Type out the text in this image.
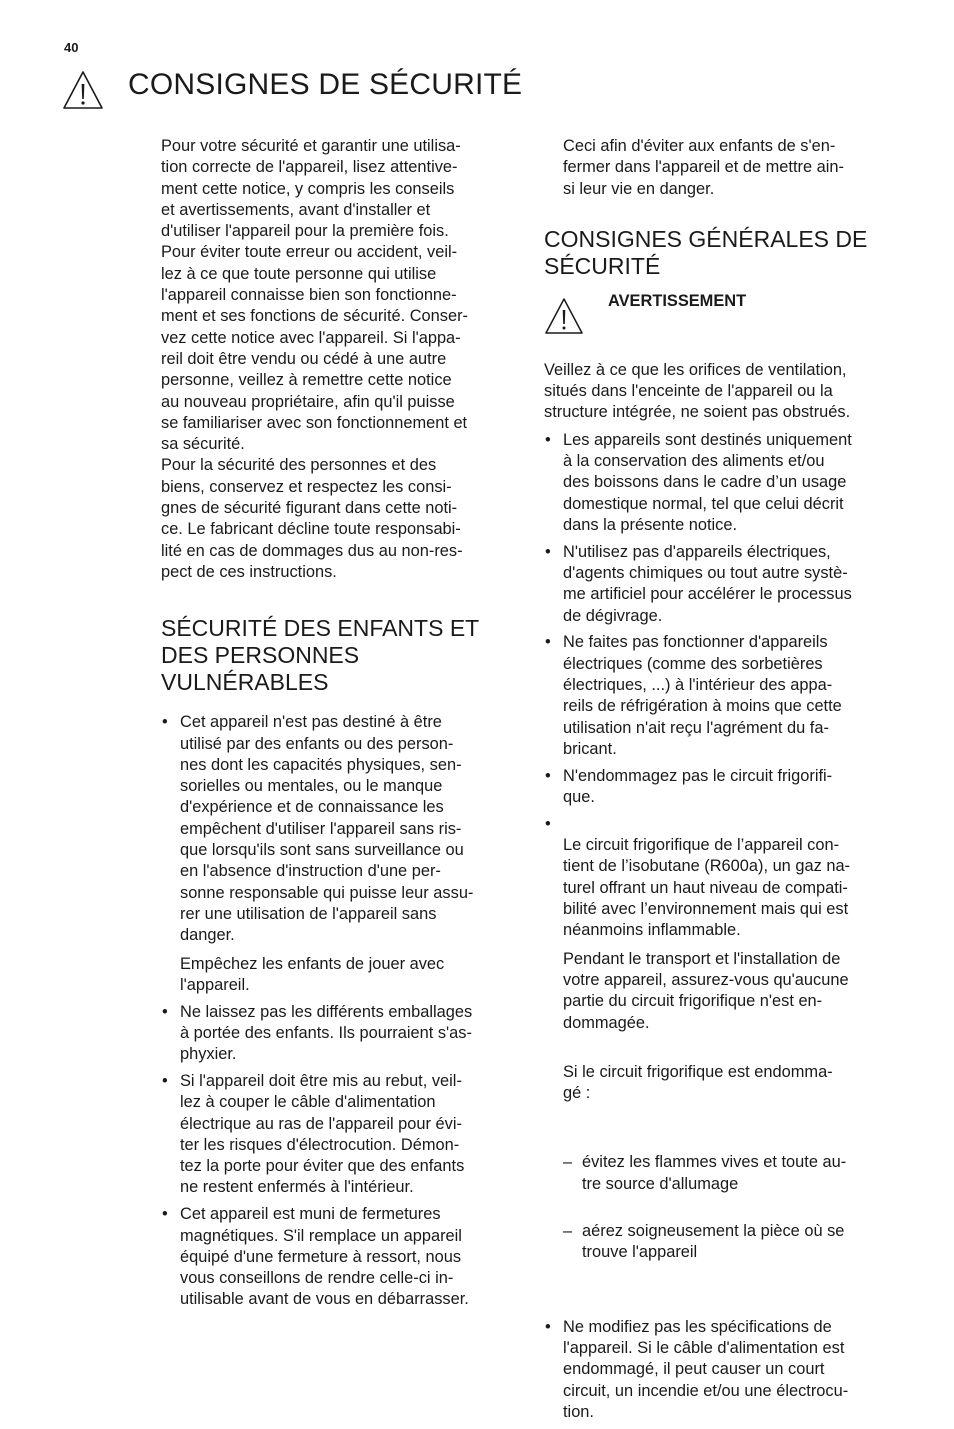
40
CONSIGNES DE SÉCURITÉ

Pour votre sécurité et garantir une utilisa-
tion correcte de l'appareil, lisez attentive-
ment cette notice, y compris les conseils
et avertissements, avant d'installer et
d'utiliser l'appareil pour la première fois.
Pour éviter toute erreur ou accident, veil-
lez à ce que toute personne qui utilise
l'appareil connaisse bien son fonctionne-
ment et ses fonctions de sécurité. Conser-
vez cette notice avec l'appareil. Si l'appa-
reil doit être vendu ou cédé à une autre
personne, veillez à remettre cette notice
au nouveau propriétaire, afin qu'il puisse
se familiariser avec son fonctionnement et
sa sécurité.

Pour la sécurité des personnes et des
biens, conservez et respectez les consi-
gnes de sécurité figurant dans cette noti-
ce. Le fabricant décline toute responsabi-
lité en cas de dommages dus au non-res-
pect de ces instructions.

SÉCURITÉ DES ENFANTS ET
DES PERSONNES
VULNÉRABLES
• Cet appareil n'est pas destiné à être
utilisé par des enfants ou des person-
nes dont les capacités physiques, sen-
sorielles ou mentales, ou le manque
d'expérience et de connaissance les
empêchent d'utiliser l'appareil sans ris-
que lorsqu'ils sont sans surveillance ou
en l'absence d'instruction d'une per-
sonne responsable qui puisse leur assu-
rer une utilisation de l'appareil sans
danger.
Empêchez les enfants de jouer avec
l'appareil.
• Ne laissez pas les différents emballages
à portée des enfants. Ils pourraient s'as-
phyxier.
• Si l'appareil doit être mis au rebut, veil-
lez à couper le câble d'alimentation
électrique au ras de l'appareil pour évi-
ter les risques d'électrocution. Démon-
tez la porte pour éviter que des enfants
ne restent enfermés à l'intérieur.
• Cet appareil est muni de fermetures
magnétiques. S'il remplace un appareil
équipé d'une fermeture à ressort, nous
vous conseillons de rendre celle-ci in-
utilisable avant de vous en débarrasser.

Ceci afin d'éviter aux enfants de s'en-
fermer dans l'appareil et de mettre ain-
si leur vie en danger.

CONSIGNES GÉNÉRALES DE
SÉCURITÉ
AVERTISSEMENT

Veillez à ce que les orifices de ventilation,
situés dans l'enceinte de l'appareil ou la
structure intégrée, ne soient pas obstrués.

• Les appareils sont destinés uniquement
à la conservation des aliments et/ou
des boissons dans le cadre d’un usage
domestique normal, tel que celui décrit
dans la présente notice.
• N'utilisez pas d'appareils électriques,
d'agents chimiques ou tout autre systè-
me artificiel pour accélérer le processus
de dégivrage.
• Ne faites pas fonctionner d'appareils
électriques (comme des sorbetières
électriques, ...) à l'intérieur des appa-
reils de réfrigération à moins que cette
utilisation n'ait reçu l'agrément du fa-
bricant.
• N'endommagez pas le circuit frigorifi-
que.

• Le circuit frigorifique de l’appareil con-
tient de l’isobutane (R600a), un gaz na-
turel offrant un haut niveau de compati-
bilité avec l’environnement mais qui est
néanmoins inflammable.

Pendant le transport et l'installation de
votre appareil, assurez-vous qu'aucune
partie du circuit frigorifique n'est en-
dommagée.

Si le circuit frigorifique est endomma-
gé :

– évitez les flammes vives et toute au-
tre source d'allumage

– aérez soigneusement la pièce où se
trouve l'appareil

• Ne modifiez pas les spécifications de
l'appareil. Si le câble d'alimentation est
endommagé, il peut causer un court
circuit, un incendie et/ou une électrocu-
tion.
